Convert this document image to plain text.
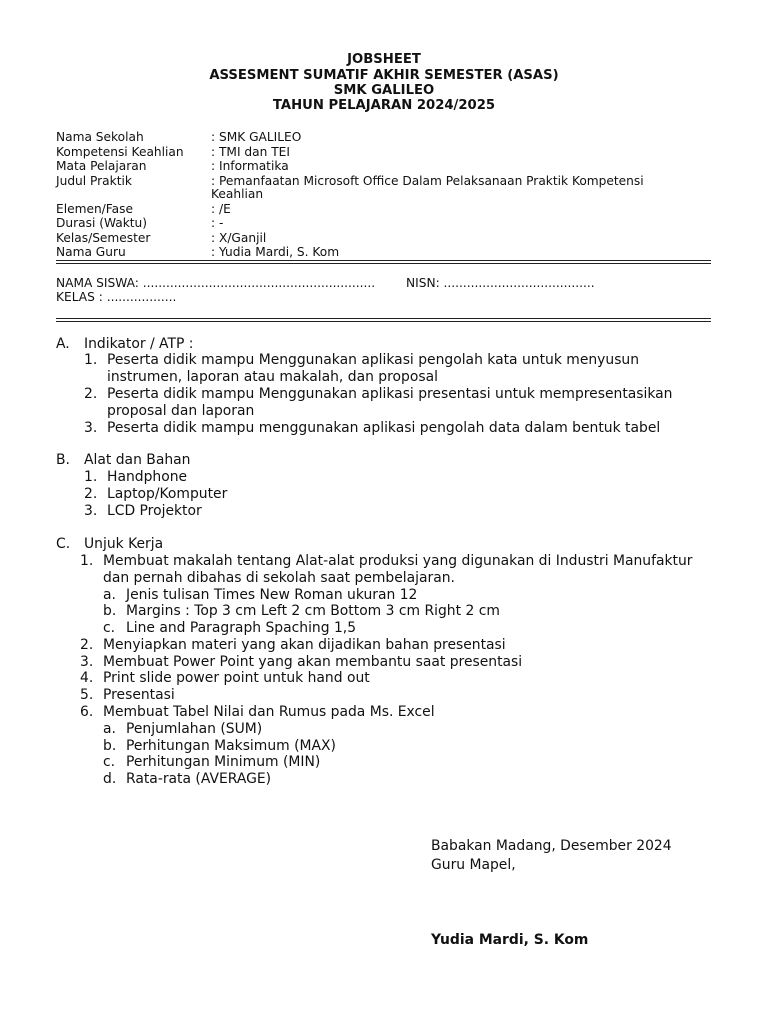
JOBSHEET
ASSESMENT SUMATIF AKHIR SEMESTER (ASAS)
SMK GALILEO
TAHUN PELAJARAN 2024/2025
Nama Sekolah	: SMK GALILEO
Kompetensi Keahlian : TMI dan TEI
Mata Pelajaran	: Informatika
Judul Praktik	: Pemanfaatan Microsoft Office Dalam Pelaksanaan Praktik Kompetensi
Keahlian
Elemen/Fase	: /E
Durasi (Waktu)	: -
Kelas/Semester	: X/Ganjil
Nama Guru	: Yudia Mardi, S. Kom
NAMA SISWA: ............................................................	NISN: .......................................
KELAS : ..................
A. Indikator / ATP :
1. Peserta didik mampu Menggunakan aplikasi pengolah kata untuk menyusun
instrumen, laporan atau makalah, dan proposal
2. Peserta didik mampu Menggunakan aplikasi presentasi untuk mempresentasikan
proposal dan laporan
3. Peserta didik mampu menggunakan aplikasi pengolah data dalam bentuk tabel
B. Alat dan Bahan
1. Handphone
2. Laptop/Komputer
3. LCD Projektor
C. Unjuk Kerja
1. Membuat makalah tentang Alat-alat produksi yang digunakan di Industri Manufaktur
dan pernah dibahas di sekolah saat pembelajaran.
a. Jenis tulisan Times New Roman ukuran 12
b. Margins : Top 3 cm Left 2 cm Bottom 3 cm Right 2 cm
c. Line and Paragraph Spaching 1,5
2. Menyiapkan materi yang akan dijadikan bahan presentasi
3. Membuat Power Point yang akan membantu saat presentasi
4. Print slide power point untuk hand out
5. Presentasi
6. Membuat Tabel Nilai dan Rumus pada Ms. Excel
a. Penjumlahan (SUM)
b. Perhitungan Maksimum (MAX)
c. Perhitungan Minimum (MIN)
d. Rata-rata (AVERAGE)
Babakan Madang, Desember 2024
Guru Mapel,
Yudia Mardi, S. Kom
